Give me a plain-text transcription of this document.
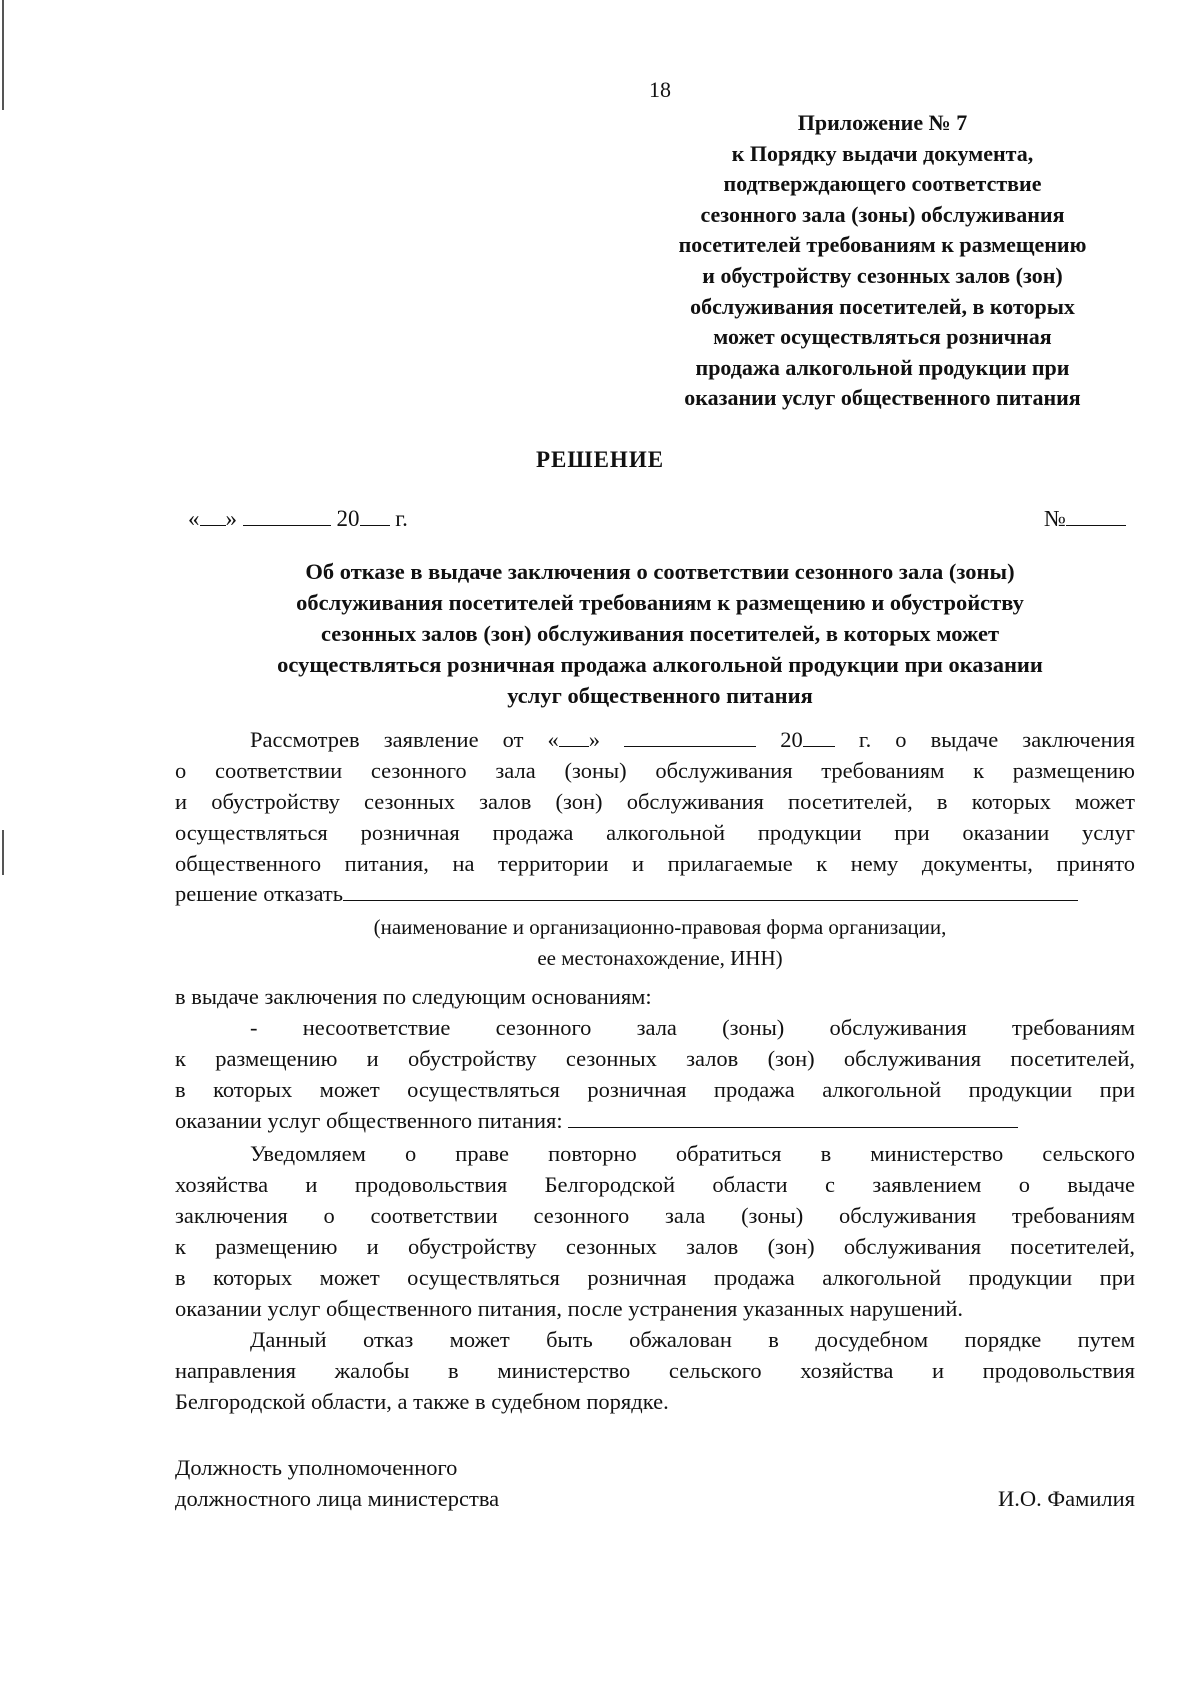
18
Приложение № 7
к Порядку выдачи документа,
подтверждающего соответствие
сезонного зала (зоны) обслуживания
посетителей требованиям к размещению
и обустройству сезонных залов (зон)
обслуживания посетителей, в которых
может осуществляться розничная
продажа алкогольной продукции при
оказании услуг общественного питания
РЕШЕНИЕ
« »	20 г.	№
Об отказе в выдаче заключения о соответствии сезонного зала (зоны)
обслуживания посетителей требованиям к размещению и обустройству
сезонных залов (зон) обслуживания посетителей, в которых может
осуществляться розничная продажа алкогольной продукции при оказании
услуг общественного питания
Рассмотрев заявление от « »	20 г. о выдаче заключения
о соответствии сезонного зала (зоны) обслуживания требованиям к размещению
и обустройству сезонных залов (зон) обслуживания посетителей, в которых может
осуществляться розничная продажа алкогольной продукции при оказании услуг
общественного питания, на территории и прилагаемые к нему документы, принято
решение отказать
(наименование и организационно-правовая форма организации,
ее местонахождение, ИНН)
в выдаче заключения по следующим основаниям:
- несоответствие сезонного зала (зоны) обслуживания требованиям
к размещению и обустройству сезонных залов (зон) обслуживания посетителей,
в которых может осуществляться розничная продажа алкогольной продукции при
оказании услуг общественного питания:
Уведомляем о праве повторно обратиться в министерство сельского
хозяйства и продовольствия Белгородской области с заявлением о выдаче
заключения о соответствии сезонного зала (зоны) обслуживания требованиям
к размещению и обустройству сезонных залов (зон) обслуживания посетителей,
в которых может осуществляться розничная продажа алкогольной продукции при
оказании услуг общественного питания, после устранения указанных нарушений.
Данный отказ может быть обжалован в досудебном порядке путем
направления жалобы в министерство сельского хозяйства и продовольствия
Белгородской области, а также в судебном порядке.
Должность уполномоченного
должностного лица министерства	И.О. Фамилия
